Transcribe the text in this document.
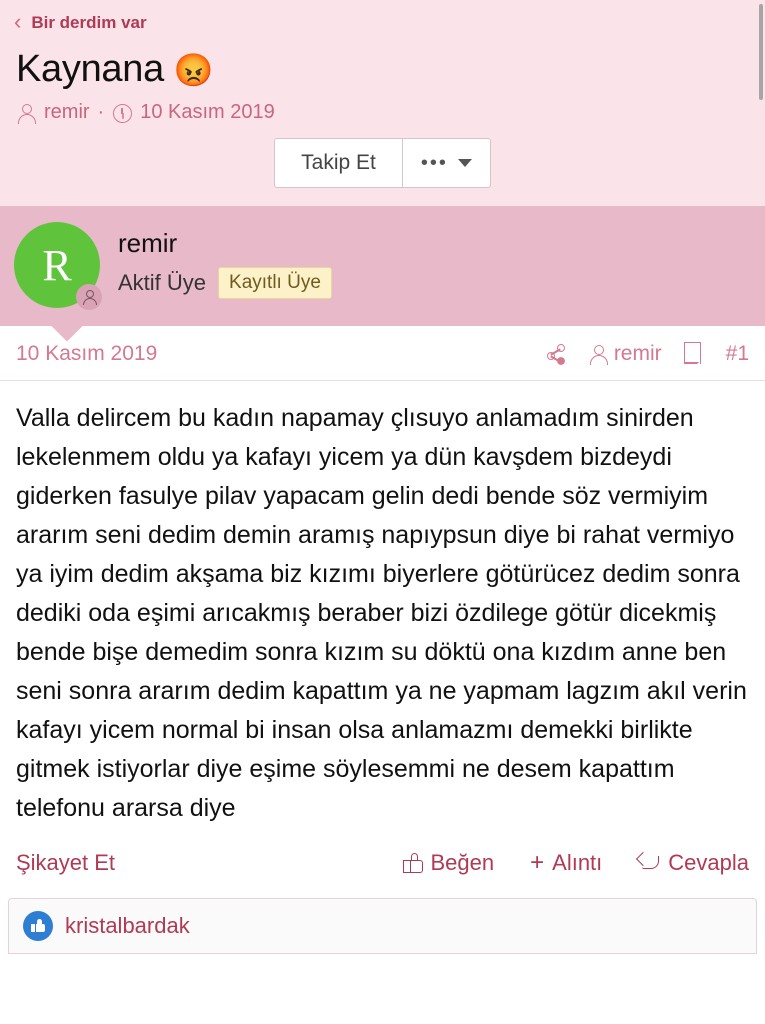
‹ Bir derdim var
Kaynana 😡
remir · 10 Kasım 2019
Takip Et	•••
R	remir
Aktif Üye	Kayıtlı Üye
10 Kasım 2019	remir	#1
Valla delircem bu kadın napamay çlısuyo anlamadım sinirden lekelenmem oldu ya kafayı yicem ya dün kavşdem bizdeydi giderken fasulye pilav yapacam gelin dedi bende söz vermiyim ararım seni dedim demin aramış napıypsun diye bi rahat vermiyo ya iyim dedim akşama biz kızımı biyerlere götürücez dedim sonra dediki oda eşimi arıcakmış beraber bizi özdilege götür dicekmiş bende bişe demedim sonra kızım su döktü ona kızdım anne ben seni sonra ararım dedim kapattım ya ne yapmam lagzım akıl verin kafayı yicem normal bi insan olsa anlamazmı demekki birlikte gitmek istiyorlar diye eşime söylesemmi ne desem kapattım telefonu ararsa diye
Şikayet Et	Beğen + Alıntı	Cevapla
kristalbardak
